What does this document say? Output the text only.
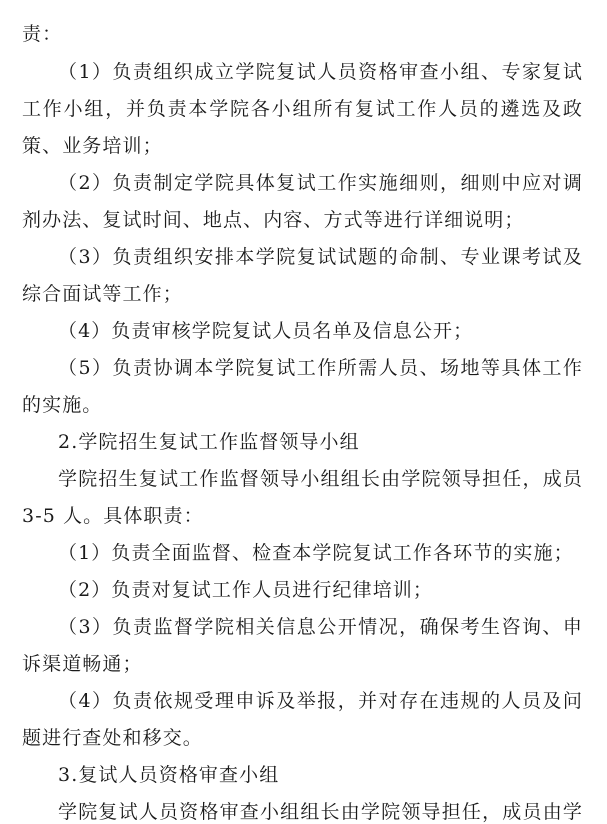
责：
（1）负责组织成立学院复试人员资格审查小组、专家复试
工作小组，并负责本学院各小组所有复试工作人员的遴选及政
策、业务培训；
（2）负责制定学院具体复试工作实施细则，细则中应对调
剂办法、复试时间、地点、内容、方式等进行详细说明；
（3）负责组织安排本学院复试试题的命制、专业课考试及
综合面试等工作；
（4）负责审核学院复试人员名单及信息公开；
（5）负责协调本学院复试工作所需人员、场地等具体工作
的实施。
2.学院招生复试工作监督领导小组
学院招生复试工作监督领导小组组长由学院领导担任，成员
3-5 人。具体职责：
（1）负责全面监督、检查本学院复试工作各环节的实施；
（2）负责对复试工作人员进行纪律培训；
（3）负责监督学院相关信息公开情况，确保考生咨询、申
诉渠道畅通；
（4）负责依规受理申诉及举报，并对存在违规的人员及问
题进行查处和移交。
3.复试人员资格审查小组
学院复试人员资格审查小组组长由学院领导担任，成员由学
